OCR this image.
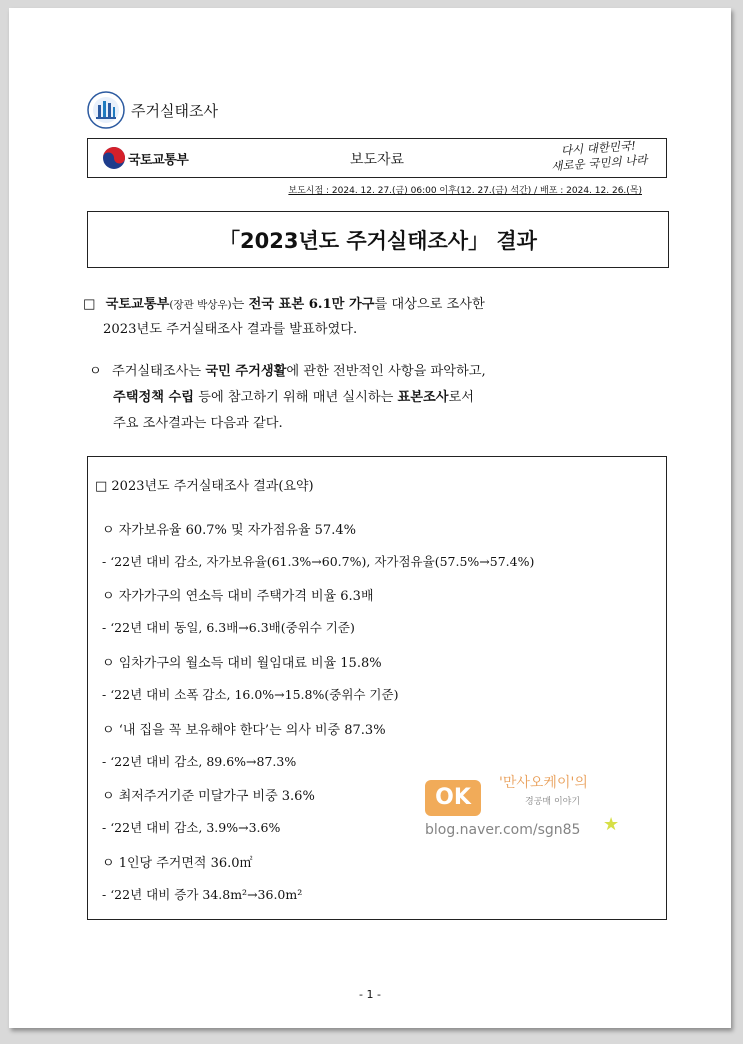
주거실태조사
국토교통부	보도자료
다시 대한민국!
새로운 국민의 나라
보도시점 : 2024. 12. 27.(금) 06:00 이후(12. 27.(금) 석간) / 배포 : 2024. 12. 26.(목)
「2023년도 주거실태조사」 결과
□ 국토교통부(장관 박상우)는 전국 표본 6.1만 가구를 대상으로 조사한
2023년도 주거실태조사 결과를 발표하였다.
ㅇ 주거실태조사는 국민 주거생활에 관한 전반적인 사항을 파악하고,
주택정책 수립 등에 참고하기 위해 매년 실시하는 표본조사로서
주요 조사결과는 다음과 같다.
□ 2023년도 주거실태조사 결과(요약)
ㅇ 자가보유율 60.7% 및 자가점유율 57.4%
- ‘22년 대비 감소, 자가보유율(61.3%→60.7%), 자가점유율(57.5%→57.4%)
ㅇ 자가가구의 연소득 대비 주택가격 비율 6.3배
- ‘22년 대비 동일, 6.3배→6.3배(중위수 기준)
ㅇ 임차가구의 월소득 대비 월임대료 비율 15.8%
- ‘22년 대비 소폭 감소, 16.0%→15.8%(중위수 기준)
ㅇ ‘내 집을 꼭 보유해야 한다’는 의사 비중 87.3%
- ‘22년 대비 감소, 89.6%→87.3%
ㅇ 최저주거기준 미달가구 비중 3.6%
- ‘22년 대비 감소, 3.9%→3.6%
ㅇ 1인당 주거면적 36.0㎡
- ‘22년 대비 증가 34.8m²→36.0m²
OK
'만사오케이'의
경공매 이야기
blog.naver.com/sgn85 ★
- 1 -
